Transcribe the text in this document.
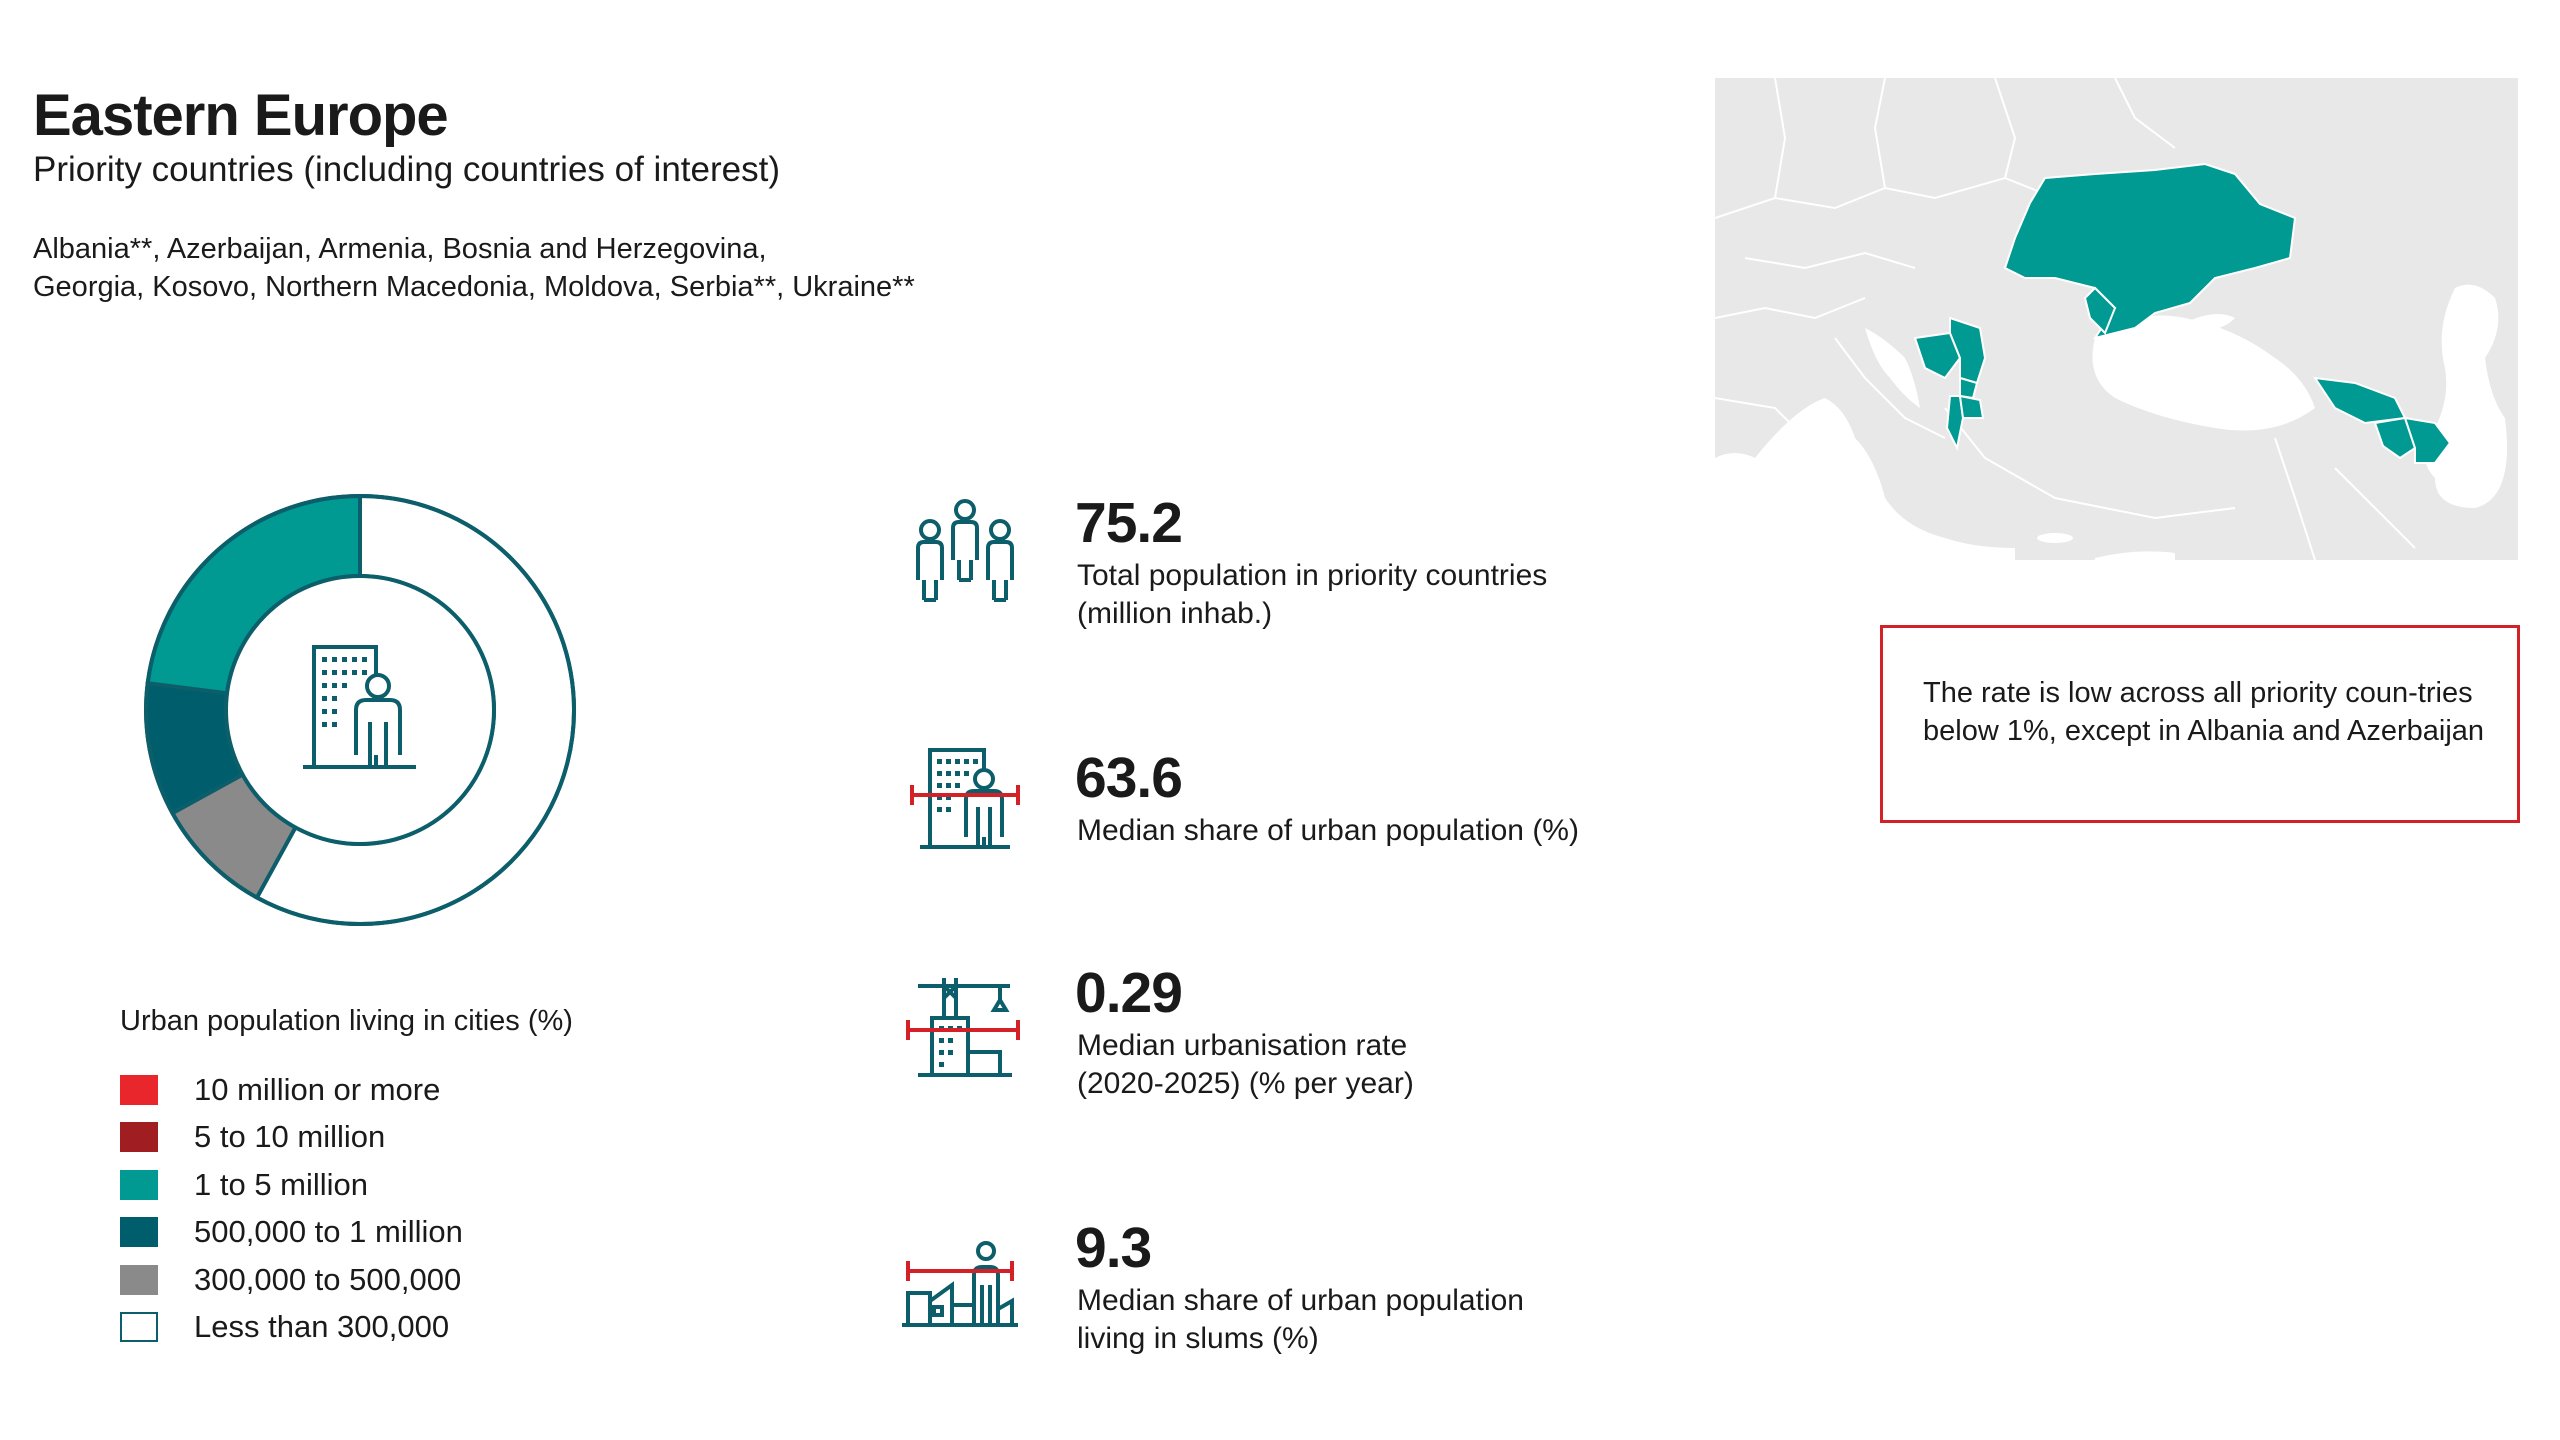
Eastern Europe
Priority countries (including countries of interest)
Albania**, Azerbaijan, Armenia, Bosnia and Herzegovina,
Georgia, Kosovo, Northern Macedonia, Moldova, Serbia**, Ukraine**
Urban population living in cities (%)
10 million or more
5 to 10 million
1 to 5 million
500,000 to 1 million
300,000 to 500,000
Less than 300,000
75.2
Total population in priority countries
(million inhab.)
63.6
Median share of urban population (%)
0.29
Median urbanisation rate
(2020-2025) (% per year)
9.3
Median share of urban population
living in slums (%)
The rate is low across all priority coun-tries below 1%, except in Albania and Azerbaijan
